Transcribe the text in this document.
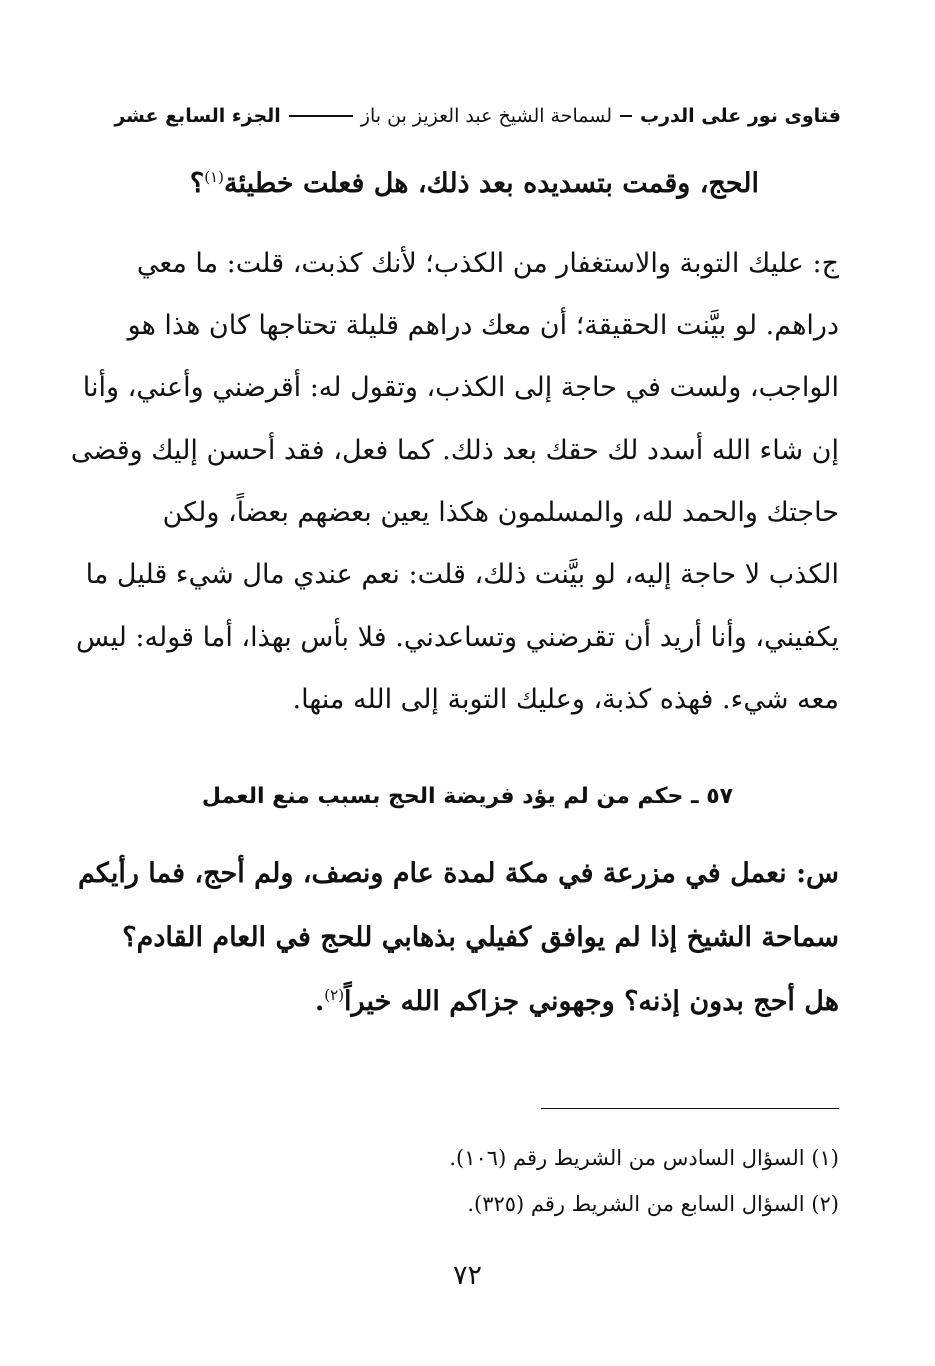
فتاوى نور على الدرب
لسماحة الشيخ عبد العزيز بن باز
الجزء السابع عشر
الحج، وقمت بتسديده بعد ذلك، هل فعلت خطيئة$^{(١)}$؟
ج: عليك التوبة والاستغفار من الكذب؛ لأنك كذبت، قلت: ما معي
دراهم. لو بيَّنت الحقيقة؛ أن معك دراهم قليلة تحتاجها كان هذا هو
الواجب، ولست في حاجة إلى الكذب، وتقول له: أقرضني وأعني، وأنا
إن شاء الله أسدد لك حقك بعد ذلك. كما فعل، فقد أحسن إليك وقضى
حاجتك والحمد لله، والمسلمون هكذا يعين بعضهم بعضاً، ولكن
الكذب لا حاجة إليه، لو بيَّنت ذلك، قلت: نعم عندي مال شيء قليل ما
يكفيني، وأنا أريد أن تقرضني وتساعدني. فلا بأس بهذا، أما قوله: ليس
معه شيء. فهذه كذبة، وعليك التوبة إلى الله منها.
٥٧ ـ حكم من لم يؤد فريضة الحج بسبب منع العمل
س: نعمل في مزرعة في مكة لمدة عام ونصف، ولم أحج، فما رأيكم
سماحة الشيخ إذا لم يوافق كفيلي بذهابي للحج في العام القادم؟
هل أحج بدون إذنه؟ وجهوني جزاكم الله خيراً$^{(٢)}$.
(١) السؤال السادس من الشريط رقم (١٠٦).
(٢) السؤال السابع من الشريط رقم (٣٢٥).
٧٢
